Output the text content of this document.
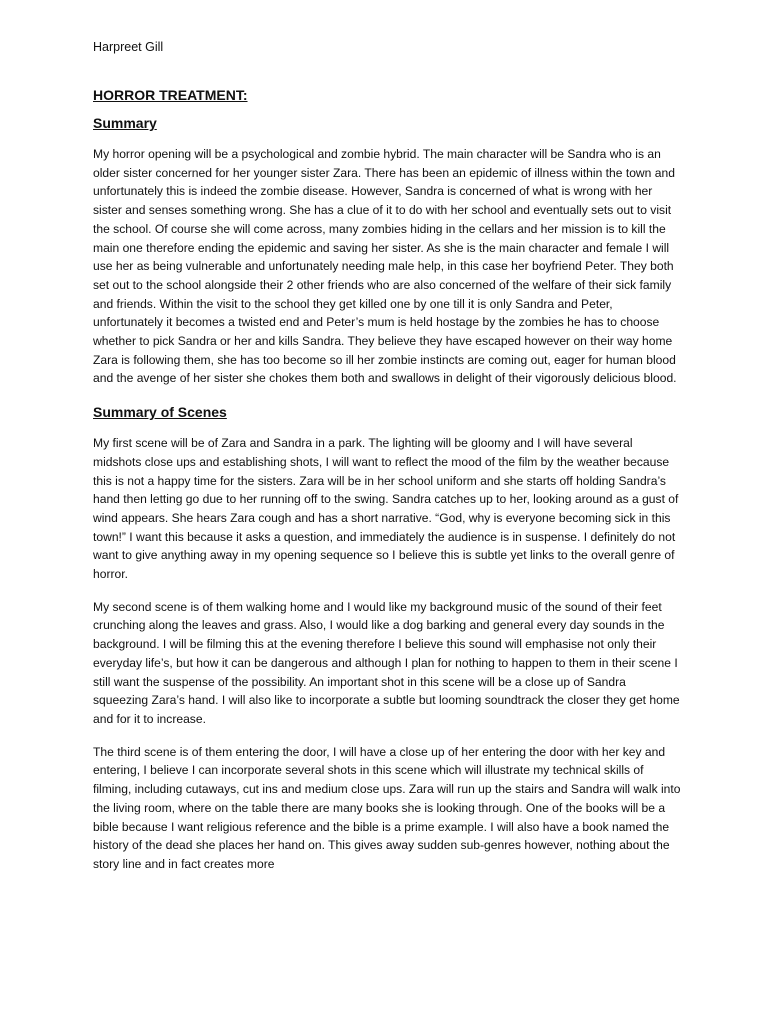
Harpreet Gill
HORROR TREATMENT:
Summary

My horror opening will be a psychological and zombie hybrid. The main character will be Sandra who is an older sister concerned for her younger sister Zara. There has been an epidemic of illness within the town and unfortunately this is indeed the zombie disease. However, Sandra is concerned of what is wrong with her sister and senses something wrong. She has a clue of it to do with her school and eventually sets out to visit the school. Of course she will come across, many zombies hiding in the cellars and her mission is to kill the main one therefore ending the epidemic and saving her sister. As she is the main character and female I will use her as being vulnerable and unfortunately needing male help, in this case her boyfriend Peter. They both set out to the school alongside their 2 other friends who are also concerned of the welfare of their sick family and friends. Within the visit to the school they get killed one by one till it is only Sandra and Peter, unfortunately it becomes a twisted end and Peter’s mum is held hostage by the zombies he has to choose whether to pick Sandra or her and kills Sandra. They believe they have escaped however on their way home Zara is following them, she has too become so ill her zombie instincts are coming out, eager for human blood and the avenge of her sister she chokes them both and swallows in delight of their vigorously delicious blood.

Summary of Scenes

My first scene will be of Zara and Sandra in a park. The lighting will be gloomy and I will have several midshots close ups and establishing shots, I will want to reflect the mood of the film by the weather because this is not a happy time for the sisters. Zara will be in her school uniform and she starts off holding Sandra’s hand then letting go due to her running off to the swing. Sandra catches up to her, looking around as a gust of wind appears. She hears Zara cough and has a short narrative. “God, why is everyone becoming sick in this town!” I want this because it asks a question, and immediately the audience is in suspense. I definitely do not want to give anything away in my opening sequence so I believe this is subtle yet links to the overall genre of horror.

My second scene is of them walking home and I would like my background music of the sound of their feet crunching along the leaves and grass. Also, I would like a dog barking and general every day sounds in the background. I will be filming this at the evening therefore I believe this sound will emphasise not only their everyday life’s, but how it can be dangerous and although I plan for nothing to happen to them in their scene I still want the suspense of the possibility. An important shot in this scene will be a close up of Sandra squeezing Zara’s hand. I will also like to incorporate a subtle but looming soundtrack the closer they get home and for it to increase.

The third scene is of them entering the door, I will have a close up of her entering the door with her key and entering, I believe I can incorporate several shots in this scene which will illustrate my technical skills of filming, including cutaways, cut ins and medium close ups. Zara will run up the stairs and Sandra will walk into the living room, where on the table there are many books she is looking through. One of the books will be a bible because I want religious reference and the bible is a prime example. I will also have a book named the history of the dead she places her hand on. This gives away sudden sub-genres however, nothing about the story line and in fact creates more
